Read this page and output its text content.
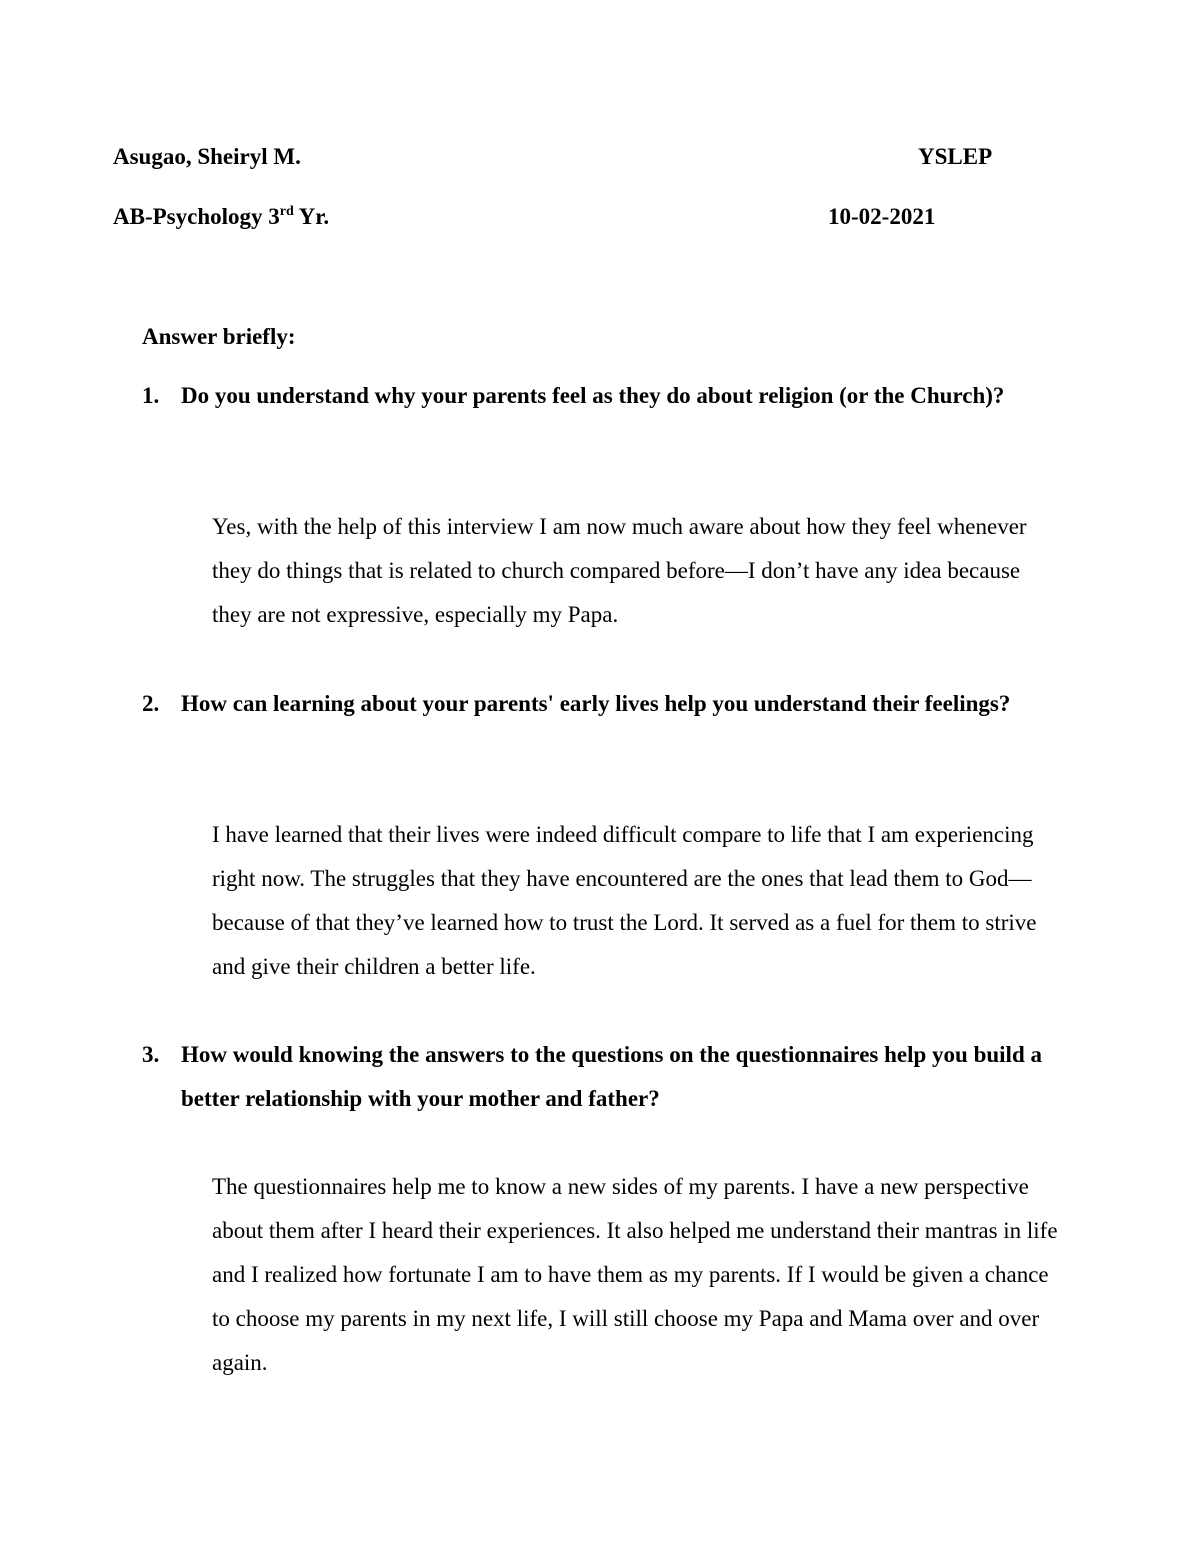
Asugao, Sheiryl M.	YSLEP
AB-Psychology 3rd Yr.	10-02-2021
Answer briefly:
1. Do you understand why your parents feel as they do about religion (or the Church)?
Yes, with the help of this interview I am now much aware about how they feel whenever they do things that is related to church compared before—I don’t have any idea because they are not expressive, especially my Papa.
2. How can learning about your parents' early lives help you understand their feelings?
I have learned that their lives were indeed difficult compare to life that I am experiencing right now. The struggles that they have encountered are the ones that lead them to God—because of that they’ve learned how to trust the Lord. It served as a fuel for them to strive and give their children a better life.
3. How would knowing the answers to the questions on the questionnaires help you build a better relationship with your mother and father?
The questionnaires help me to know a new sides of my parents. I have a new perspective about them after I heard their experiences. It also helped me understand their mantras in life and I realized how fortunate I am to have them as my parents. If I would be given a chance to choose my parents in my next life, I will still choose my Papa and Mama over and over again.
